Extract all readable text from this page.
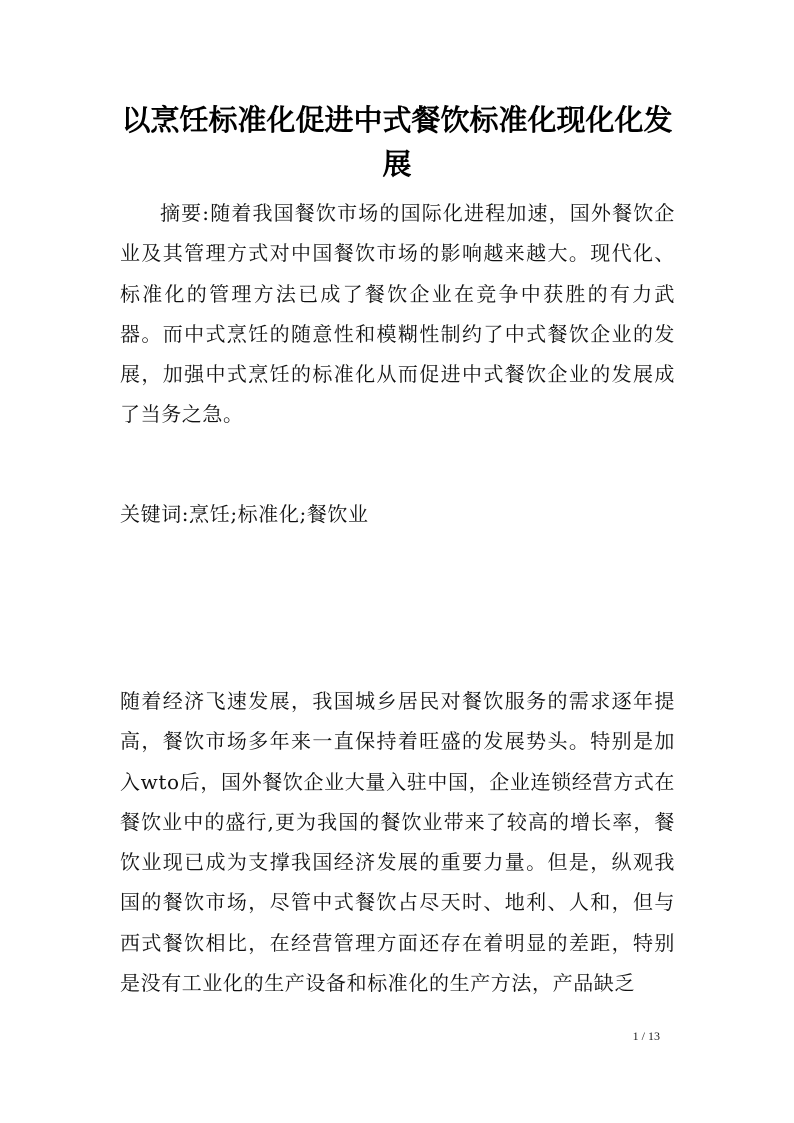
以烹饪标准化促进中式餐饮标准化现化化发展

摘要:随着我国餐饮市场的国际化进程加速，国外餐饮企业及其管理方式对中国餐饮市场的影响越来越大。现代化、标准化的管理方法已成了餐饮企业在竞争中获胜的有力武器。而中式烹饪的随意性和模糊性制约了中式餐饮企业的发展，加强中式烹饪的标准化从而促进中式餐饮企业的发展成了当务之急。

关键词:烹饪;标准化;餐饮业

随着经济飞速发展，我国城乡居民对餐饮服务的需求逐年提高，餐饮市场多年来一直保持着旺盛的发展势头。特别是加入wto后，国外餐饮企业大量入驻中国，企业连锁经营方式在餐饮业中的盛行,更为我国的餐饮业带来了较高的增长率，餐饮业现已成为支撑我国经济发展的重要力量。但是，纵观我国的餐饮市场，尽管中式餐饮占尽天时、地利、人和，但与西式餐饮相比，在经营管理方面还存在着明显的差距，特别是没有工业化的生产设备和标准化的生产方法，产品缺乏

1 / 13
